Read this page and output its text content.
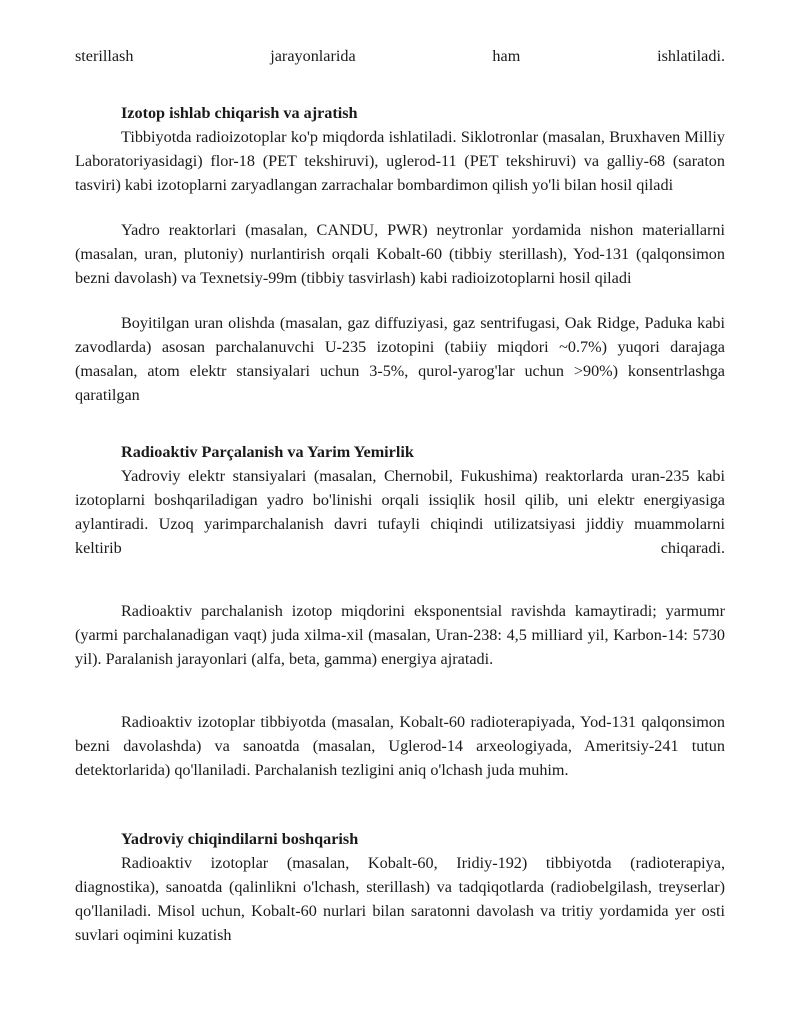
sterillash jarayonlarida ham ishlatiladi.

Izotop ishlab chiqarish va ajratish

Tibbiyotda radioizotoplar ko'p miqdorda ishlatiladi. Siklotronlar (masalan, Bruxhaven Milliy Laboratoriyasidagi) flor-18 (PET tekshiruvi), uglerod-11 (PET tekshiruvi) va galliy-68 (saraton tasviri) kabi izotoplarni zaryadlangan zarrachalar bombardimon qilish yo'li bilan hosil qiladi

Yadro reaktorlari (masalan, CANDU, PWR) neytronlar yordamida nishon materiallarni (masalan, uran, plutoniy) nurlantirish orqali Kobalt-60 (tibbiy sterillash), Yod-131 (qalqonsimon bezni davolash) va Texnetsiy-99m (tibbiy tasvirlash) kabi radioizotoplarni hosil qiladi

Boyitilgan uran olishda (masalan, gaz diffuziyasi, gaz sentrifugasi, Oak Ridge, Paduka kabi zavodlarda) asosan parchalanuvchi U-235 izotopini (tabiiy miqdori ~0.7%) yuqori darajaga (masalan, atom elektr stansiyalari uchun 3-5%, qurol-yarog'lar uchun >90%) konsentrlashga qaratilgan

Radioaktiv Parçalanish va Yarim Yemirlik

Yadroviy elektr stansiyalari (masalan, Chernobil, Fukushima) reaktorlarda uran-235 kabi izotoplarni boshqariladigan yadro bo'linishi orqali issiqlik hosil qilib, uni elektr energiyasiga aylantiradi. Uzoq yarimparchalanish davri tufayli chiqindi utilizatsiyasi jiddiy muammolarni keltirib chiqaradi.

Radioaktiv parchalanish izotop miqdorini eksponentsial ravishda kamaytiradi; yarmumr (yarmi parchalanadigan vaqt) juda xilma-xil (masalan, Uran-238: 4,5 milliard yil, Karbon-14: 5730 yil). Paralanish jarayonlari (alfa, beta, gamma) energiya ajratadi.

Radioaktiv izotoplar tibbiyotda (masalan, Kobalt-60 radioterapiyada, Yod-131 qalqonsimon bezni davolashda) va sanoatda (masalan, Uglerod-14 arxeologiyada, Ameritsiy-241 tutun detektorlarida) qo'llaniladi. Parchalanish tezligini aniq o'lchash juda muhim.

Yadroviy chiqindilarni boshqarish

Radioaktiv izotoplar (masalan, Kobalt-60, Iridiy-192) tibbiyotda (radioterapiya, diagnostika), sanoatda (qalinlikni o'lchash, sterillash) va tadqiqotlarda (radiobelgilash, treyserlar) qo'llaniladi. Misol uchun, Kobalt-60 nurlari bilan saratonni davolash va tritiy yordamida yer osti suvlari oqimini kuzatish
